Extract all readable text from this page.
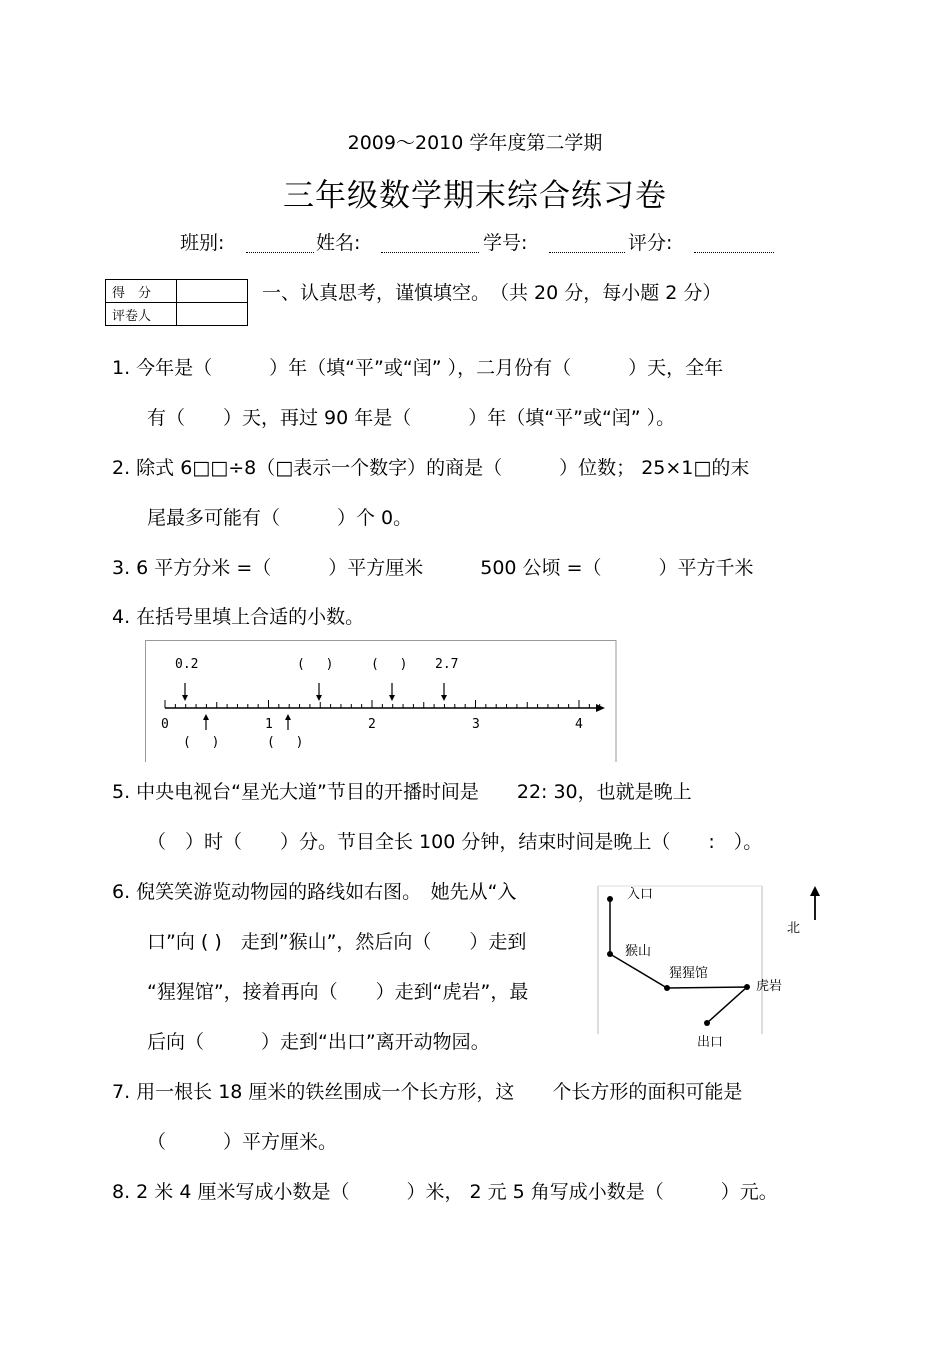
2009～2010 学年度第二学期
三年级数学期末综合练习卷
班别:	姓名:	学号:	评分:
得　分	
评卷人	
一、认真思考，谨慎填空。　（共 20 分，每小题 2 分）
1. 今年是（　　　）年（填“平”或“闰” ），二月份有（　　　）天，全年
有（　　）天，再过 90 年是（　　　）年（填“平”或“闰” ）。
2. 除式 6□□÷8（□表示一个数字）的商是（　　　）位数； 25×1□的末
尾最多可能有（　　　）个 0。
3. 6 平方分米 =（　　　）平方厘米　　　500 公顷 =（　　　）平方千米
4. 在括号里填上合适的小数。
0.2	(　 )	(　 ) 2.7
0	1	2	3	4
(　 )	(　 )
5. 中央电视台“星光大道”节目的开播时间是　　22: 30，也就是晚上
（　）时（　　）分。节目全长 100 分钟，结束时间是晚上（　　:　）。
6. 倪笑笑游览动物园的路线如右图。　她先从“入
口”向 ( )　走到”猴山”，然后向（　　）走到
“猩猩馆”，接着再向（　　）走到“虎岩”，最
后向（　　　）走到“出口”离开动物园。
入口
猴山
猩猩馆
虎岩
出口
北
7. 用一根长 18 厘米的铁丝围成一个长方形，这　　个长方形的面积可能是
（　　　）平方厘米。
8. 2 米 4 厘米写成小数是（　　　）米， 2 元 5 角写成小数是（　　　）元。
